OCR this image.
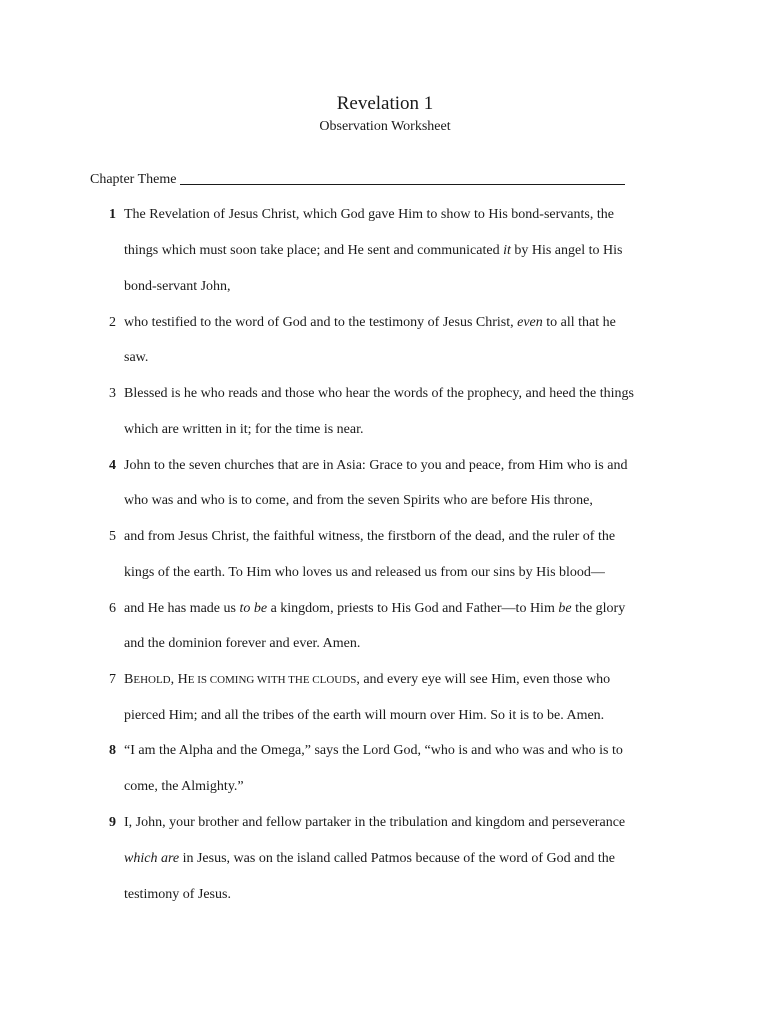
Revelation 1
Observation Worksheet
Chapter Theme
1 The Revelation of Jesus Christ, which God gave Him to show to His bond-servants, the
things which must soon take place; and He sent and communicated it by His angel to His
bond-servant John,
2 who testified to the word of God and to the testimony of Jesus Christ, even to all that he
saw.
3 Blessed is he who reads and those who hear the words of the prophecy, and heed the things
which are written in it; for the time is near.
4 John to the seven churches that are in Asia: Grace to you and peace, from Him who is and
who was and who is to come, and from the seven Spirits who are before His throne,
5 and from Jesus Christ, the faithful witness, the firstborn of the dead, and the ruler of the
kings of the earth. To Him who loves us and released us from our sins by His blood—
6 and He has made us to be a kingdom, priests to His God and Father—to Him be the glory
and the dominion forever and ever. Amen.
7 BEHOLD, HE IS COMING WITH THE CLOUDS, and every eye will see Him, even those who
pierced Him; and all the tribes of the earth will mourn over Him. So it is to be. Amen.
8 “I am the Alpha and the Omega,” says the Lord God, “who is and who was and who is to
come, the Almighty.”
9 I, John, your brother and fellow partaker in the tribulation and kingdom and perseverance
which are in Jesus, was on the island called Patmos because of the word of God and the
testimony of Jesus.
